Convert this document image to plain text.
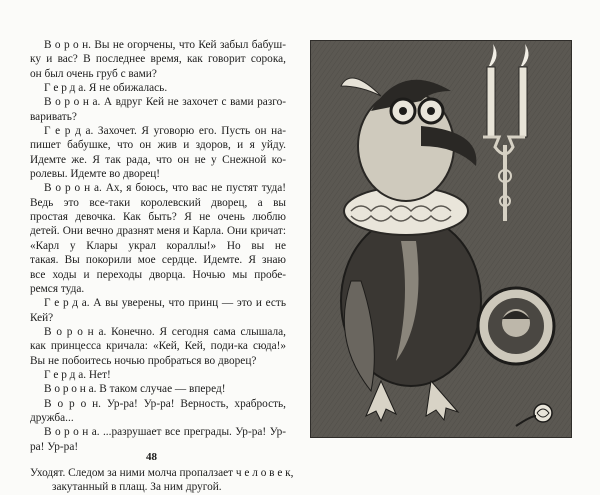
В о р о н. Вы не огорчены, что Кей забыл бабуш-
ку и вас? В последнее время, как говорит сорока,
он был очень груб с вами?
Г е р д а. Я не обижалась.
В о р о н а. А вдруг Кей не захочет с вами разго-
варивать?
Г е р д а. Захочет. Я уговорю его. Пусть он на-
пишет бабушке, что он жив и здоров, и я уйду.
Идемте же. Я так рада, что он не у Снежной ко-
ролевы. Идемте во дворец!
В о р о н а. Ах, я боюсь, что вас не пустят туда!
Ведь это все-таки королевский дворец, а вы
простая девочка. Как быть? Я не очень люблю
детей. Они вечно дразнят меня и Карла. Они кричат:
«Карл у Клары украл кораллы!» Но вы не
такая. Вы покорили мое сердце. Идемте. Я знаю
все ходы и переходы дворца. Ночью мы пробе-
ремся туда.
Г е р д а. А вы уверены, что принц — это и есть
Кей?
В о р о н а. Конечно. Я сегодня сама слышала,
как принцесса кричала: «Кей, Кей, поди-ка сюда!»
Вы не побоитесь ночью пробраться во дворец?
Г е р д а. Нет!
В о р о н а. В таком случае — вперед!
В о р о н. Ур-ра! Ур-ра! Верность, храбрость,
дружба...
В о р о н а. ...разрушает все преграды. Ур-ра! Ур-
ра! Ур-ра!
Уходят. Следом за ними молча пропалзает ч е л о в е к,
закутанный в плащ. За ним другой.
48
